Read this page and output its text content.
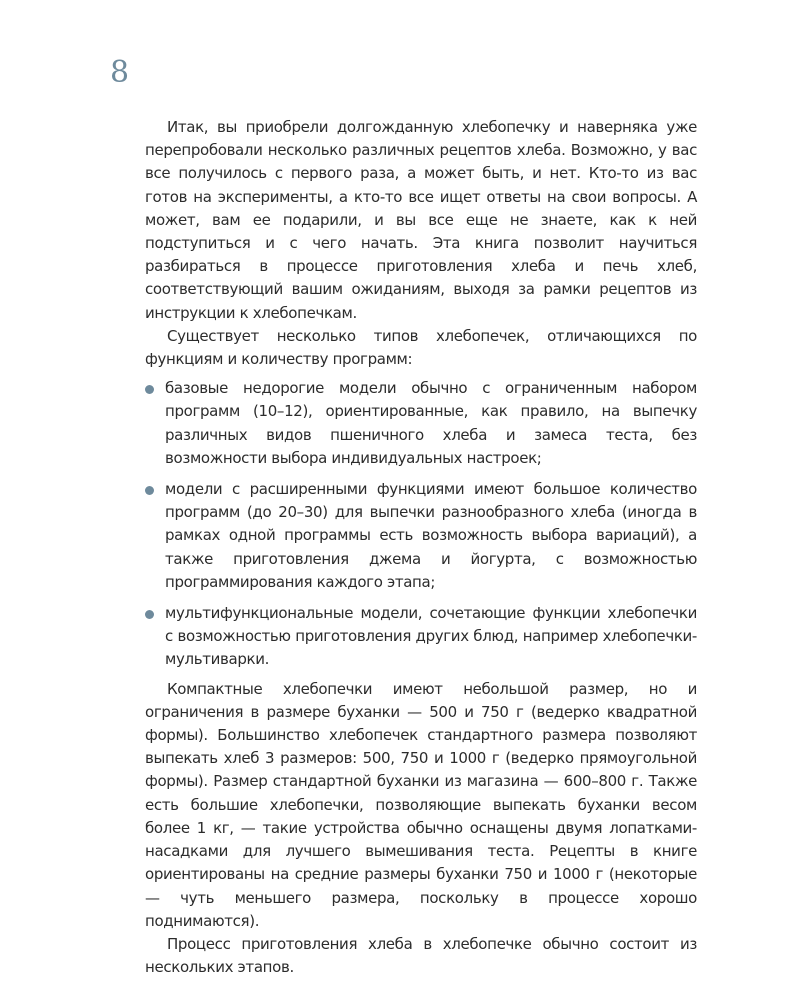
8

Итак, вы приобрели долгожданную хлебопечку и наверняка уже перепробовали несколько различных рецептов хлеба. Возможно, у вас все получилось с первого раза, а может быть, и нет. Кто-то из вас готов на эксперименты, а кто-то все ищет ответы на свои вопросы. А может, вам ее подарили, и вы все еще не знаете, как к ней подступиться и с чего начать. Эта книга позволит научиться разбираться в процессе приготовления хлеба и печь хлеб, соответствующий вашим ожиданиям, выходя за рамки рецептов из инструкции к хлебопечкам.

Существует несколько типов хлебопечек, отличающихся по функциям и количеству программ:

базовые недорогие модели обычно с ограниченным набором программ (10–12), ориентированные, как правило, на выпечку различных видов пшеничного хлеба и замеса теста, без возможности выбора индивидуальных настроек;
модели с расширенными функциями имеют большое количество программ (до 20–30) для выпечки разнообразного хлеба (иногда в рамках одной программы есть возможность выбора вариаций), а также приготовления джема и йогурта, с возможностью программирования каждого этапа;
мультифункциональные модели, сочетающие функции хлебопечки с возможностью приготовления других блюд, например хлебопечки-мультиварки.

Компактные хлебопечки имеют небольшой размер, но и ограничения в размере буханки — 500 и 750 г (ведерко квадратной формы). Большинство хлебопечек стандартного размера позволяют выпекать хлеб 3 размеров: 500, 750 и 1000 г (ведерко прямоугольной формы). Размер стандартной буханки из магазина — 600–800 г. Также есть большие хлебопечки, позволяющие выпекать буханки весом более 1 кг, — такие устройства обычно оснащены двумя лопатками-насадками для лучшего вымешивания теста. Рецепты в книге ориентированы на средние размеры буханки 750 и 1000 г (некоторые — чуть меньшего размера, поскольку в процессе хорошо поднимаются).

Процесс приготовления хлеба в хлебопечке обычно состоит из нескольких этапов.
